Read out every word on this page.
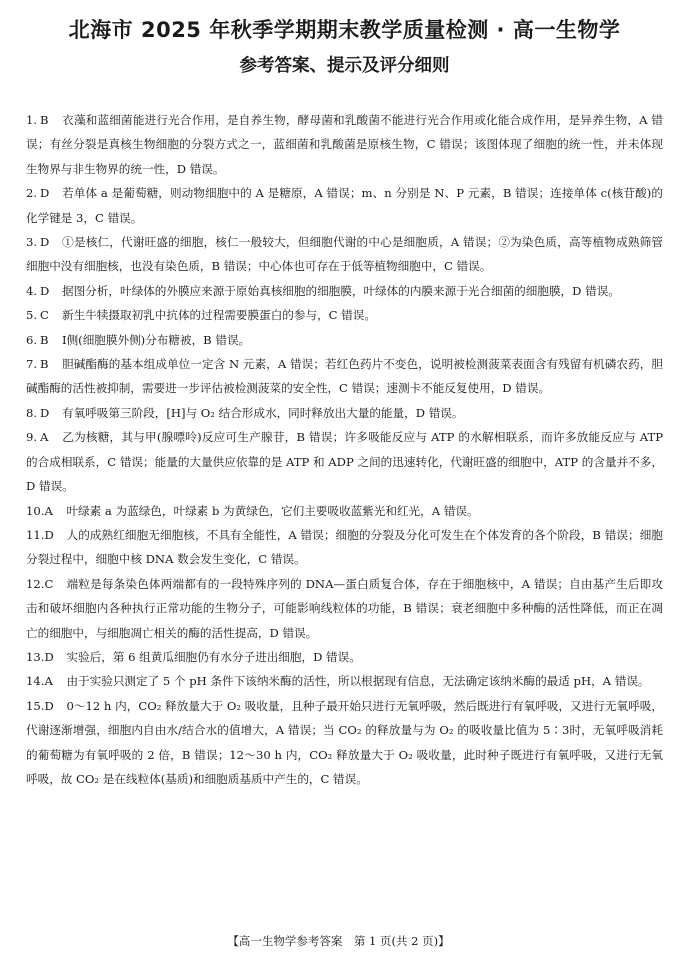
北海市 2025 年秋季学期期末教学质量检测 · 高一生物学
参考答案、提示及评分细则

1. B 衣藻和蓝细菌能进行光合作用，是自养生物，酵母菌和乳酸菌不能进行光合作用或化能合成作用，是异养生物，A 错误；有丝分裂是真核生物细胞的分裂方式之一，蓝细菌和乳酸菌是原核生物，C 错误；该图体现了细胞的统一性，并未体现生物界与非生物界的统一性，D 错误。

2. D 若单体 a 是葡萄糖，则动物细胞中的 A 是糖原，A 错误；m、n 分别是 N、P 元素，B 错误；连接单体 c(核苷酸)的化学键是 3，C 错误。

3. D ①是核仁，代谢旺盛的细胞，核仁一般较大，但细胞代谢的中心是细胞质，A 错误；②为染色质，高等植物成熟筛管细胞中没有细胞核，也没有染色质，B 错误；中心体也可存在于低等植物细胞中，C 错误。

4. D 据图分析，叶绿体的外膜应来源于原始真核细胞的细胞膜，叶绿体的内膜来源于光合细菌的细胞膜，D 错误。

5. C 新生牛犊摄取初乳中抗体的过程需要膜蛋白的参与，C 错误。

6. B Ⅰ侧(细胞膜外侧)分布糖被，B 错误。

7. B 胆碱酯酶的基本组成单位一定含 N 元素，A 错误；若红色药片不变色，说明被检测菠菜表面含有残留有机磷农药，胆碱酯酶的活性被抑制，需要进一步评估被检测菠菜的安全性，C 错误；速测卡不能反复使用，D 错误。

8. D 有氧呼吸第三阶段，[H]与 O₂ 结合形成水，同时释放出大量的能量，D 错误。

9. A 乙为核糖，其与甲(腺嘌呤)反应可生产腺苷，B 错误；许多吸能反应与 ATP 的水解相联系，而许多放能反应与 ATP 的合成相联系，C 错误；能量的大量供应依靠的是 ATP 和 ADP 之间的迅速转化，代谢旺盛的细胞中，ATP 的含量并不多，D 错误。

10.A 叶绿素 a 为蓝绿色，叶绿素 b 为黄绿色，它们主要吸收蓝紫光和红光，A 错误。

11.D 人的成熟红细胞无细胞核，不具有全能性，A 错误；细胞的分裂及分化可发生在个体发育的各个阶段，B 错误；细胞分裂过程中，细胞中核 DNA 数会发生变化，C 错误。

12.C 端粒是每条染色体两端都有的一段特殊序列的 DNA—蛋白质复合体，存在于细胞核中，A 错误；自由基产生后即攻击和破坏细胞内各种执行正常功能的生物分子，可能影响线粒体的功能，B 错误；衰老细胞中多种酶的活性降低，而正在凋亡的细胞中，与细胞凋亡相关的酶的活性提高，D 错误。

13.D 实验后，第 6 组黄瓜细胞仍有水分子进出细胞，D 错误。

14.A 由于实验只测定了 5 个 pH 条件下该纳米酶的活性，所以根据现有信息，无法确定该纳米酶的最适 pH，A 错误。

15.D 0～12 h 内，CO₂ 释放量大于 O₂ 吸收量，且种子最开始只进行无氧呼吸，然后既进行有氧呼吸，又进行无氧呼吸，代谢逐渐增强，细胞内自由水/结合水的值增大，A 错误；当 CO₂ 的释放量与为 O₂ 的吸收量比值为 5∶3时，无氧呼吸消耗的葡萄糖为有氧呼吸的 2 倍，B 错误；12～30 h 内，CO₂ 释放量大于 O₂ 吸收量，此时种子既进行有氧呼吸，又进行无氧呼吸，故 CO₂ 是在线粒体(基质)和细胞质基质中产生的，C 错误。

【高一生物学参考答案　第 1 页(共 2 页)】
